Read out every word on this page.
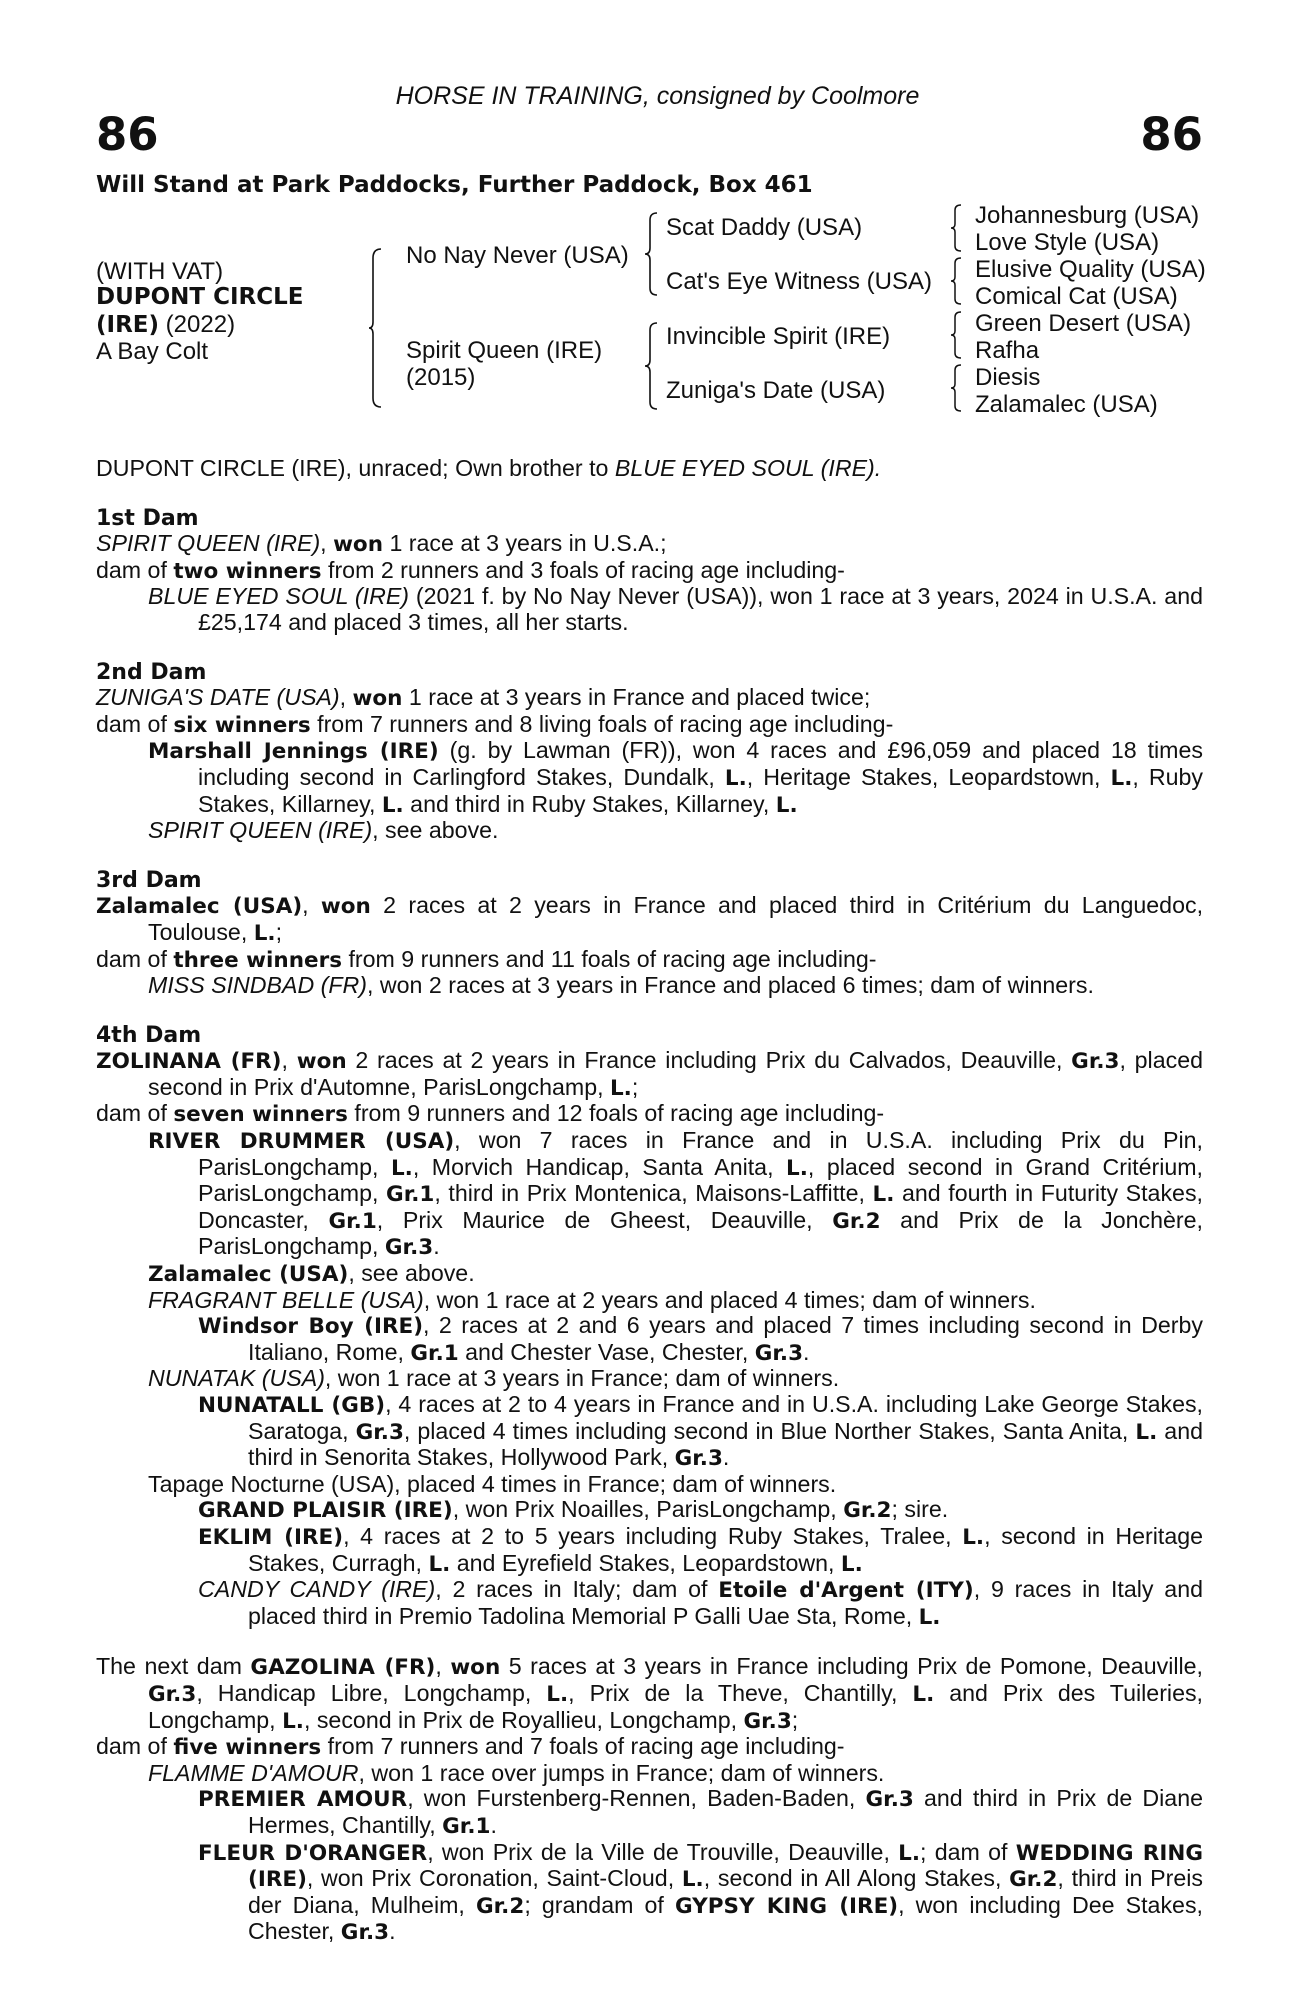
HORSE IN TRAINING, consigned by Coolmore
86	86
Will Stand at Park Paddocks, Further Paddock, Box 461
(WITH VAT)
DUPONT CIRCLE
(IRE) (2022)
A Bay Colt
No Nay Never (USA)
Spirit Queen (IRE)
(2015)
Scat Daddy (USA)
Cat's Eye Witness (USA)
Invincible Spirit (IRE)
Zuniga's Date (USA)
Johannesburg (USA)
Love Style (USA)
Elusive Quality (USA)
Comical Cat (USA)
Green Desert (USA)
Rafha
Diesis
Zalamalec (USA)

DUPONT CIRCLE (IRE), unraced; Own brother to BLUE EYED SOUL (IRE).

1st Dam

SPIRIT QUEEN (IRE), won 1 race at 3 years in U.S.A.;

dam of two winners from 2 runners and 3 foals of racing age including-

BLUE EYED SOUL (IRE) (2021 f. by No Nay Never (USA)), won 1 race at 3 years, 2024 in U.S.A. and £25,174 and placed 3 times, all her starts.

2nd Dam

ZUNIGA'S DATE (USA), won 1 race at 3 years in France and placed twice;

dam of six winners from 7 runners and 8 living foals of racing age including-

Marshall Jennings (IRE) (g. by Lawman (FR)), won 4 races and £96,059 and placed 18 times including second in Carlingford Stakes, Dundalk, L., Heritage Stakes, Leopardstown, L., Ruby Stakes, Killarney, L. and third in Ruby Stakes, Killarney, L.

SPIRIT QUEEN (IRE), see above.

3rd Dam

Zalamalec (USA), won 2 races at 2 years in France and placed third in Critérium du Languedoc, Toulouse, L.;

dam of three winners from 9 runners and 11 foals of racing age including-

MISS SINDBAD (FR), won 2 races at 3 years in France and placed 6 times; dam of winners.

4th Dam

ZOLINANA (FR), won 2 races at 2 years in France including Prix du Calvados, Deauville, Gr.3, placed second in Prix d'Automne, ParisLongchamp, L.;

dam of seven winners from 9 runners and 12 foals of racing age including-

RIVER DRUMMER (USA), won 7 races in France and in U.S.A. including Prix du Pin, ParisLongchamp, L., Morvich Handicap, Santa Anita, L., placed second in Grand Critérium, ParisLongchamp, Gr.1, third in Prix Montenica, Maisons-Laffitte, L. and fourth in Futurity Stakes, Doncaster, Gr.1, Prix Maurice de Gheest, Deauville, Gr.2 and Prix de la Jonchère, ParisLongchamp, Gr.3.

Zalamalec (USA), see above.

FRAGRANT BELLE (USA), won 1 race at 2 years and placed 4 times; dam of winners.

Windsor Boy (IRE), 2 races at 2 and 6 years and placed 7 times including second in Derby Italiano, Rome, Gr.1 and Chester Vase, Chester, Gr.3.

NUNATAK (USA), won 1 race at 3 years in France; dam of winners.

NUNATALL (GB), 4 races at 2 to 4 years in France and in U.S.A. including Lake George Stakes, Saratoga, Gr.3, placed 4 times including second in Blue Norther Stakes, Santa Anita, L. and third in Senorita Stakes, Hollywood Park, Gr.3.

Tapage Nocturne (USA), placed 4 times in France; dam of winners.

GRAND PLAISIR (IRE), won Prix Noailles, ParisLongchamp, Gr.2; sire.

EKLIM (IRE), 4 races at 2 to 5 years including Ruby Stakes, Tralee, L., second in Heritage Stakes, Curragh, L. and Eyrefield Stakes, Leopardstown, L.

CANDY CANDY (IRE), 2 races in Italy; dam of Etoile d'Argent (ITY), 9 races in Italy and placed third in Premio Tadolina Memorial P Galli Uae Sta, Rome, L.

The next dam GAZOLINA (FR), won 5 races at 3 years in France including Prix de Pomone, Deauville, Gr.3, Handicap Libre, Longchamp, L., Prix de la Theve, Chantilly, L. and Prix des Tuileries, Longchamp, L., second in Prix de Royallieu, Longchamp, Gr.3;

dam of five winners from 7 runners and 7 foals of racing age including-

FLAMME D'AMOUR, won 1 race over jumps in France; dam of winners.

PREMIER AMOUR, won Furstenberg-Rennen, Baden-Baden, Gr.3 and third in Prix de Diane Hermes, Chantilly, Gr.1.

FLEUR D'ORANGER, won Prix de la Ville de Trouville, Deauville, L.; dam of WEDDING RING (IRE), won Prix Coronation, Saint-Cloud, L., second in All Along Stakes, Gr.2, third in Preis der Diana, Mulheim, Gr.2; grandam of GYPSY KING (IRE), won including Dee Stakes, Chester, Gr.3.
